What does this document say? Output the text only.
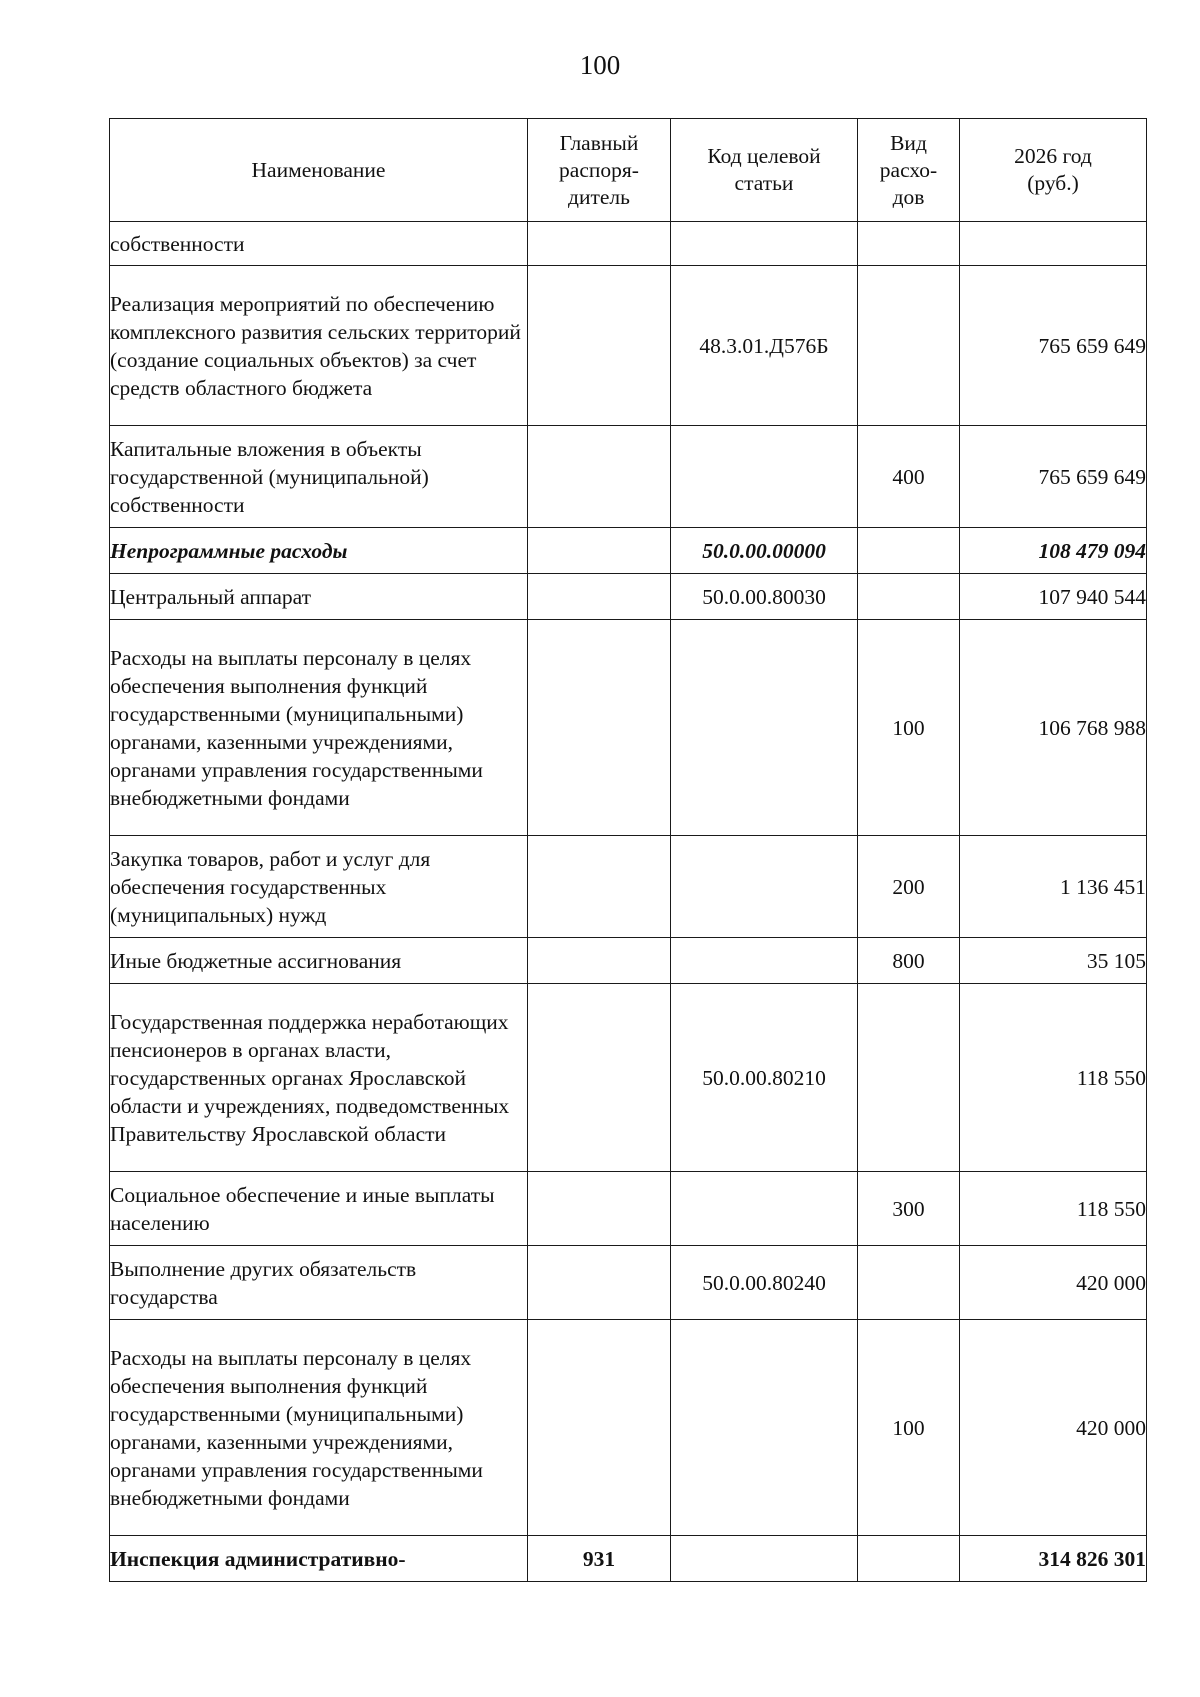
100
Наименование	Главный распоря-дитель	Код целевой статьи	Вид расхо-дов	2026 год (руб.)

собственности				
Реализация мероприятий по обеспечению комплексного развития сельских территорий (создание социальных объектов) за счет средств областного бюджета		48.3.01.Д576Б		765 659 649
Капитальные вложения в объекты государственной (муниципальной) собственности			400	765 659 649
Непрограммные расходы		50.0.00.00000		108 479 094
Центральный аппарат		50.0.00.80030		107 940 544
Расходы на выплаты персоналу в целях обеспечения выполнения функций государственными (муниципальными) органами, казенными учреждениями, органами управления государственными внебюджетными фондами			100	106 768 988
Закупка товаров, работ и услуг для обеспечения государственных (муниципальных) нужд			200	1 136 451
Иные бюджетные ассигнования			800	35 105
Государственная поддержка неработающих пенсионеров в органах власти, государственных органах Ярославской области и учреждениях, подведомственных Правительству Ярославской области		50.0.00.80210		118 550
Социальное обеспечение и иные выплаты населению			300	118 550
Выполнение других обязательств государства		50.0.00.80240		420 000
Расходы на выплаты персоналу в целях обеспечения выполнения функций государственными (муниципальными) органами, казенными учреждениями, органами управления государственными внебюджетными фондами			100	420 000
Инспекция административно-	931			314 826 301
